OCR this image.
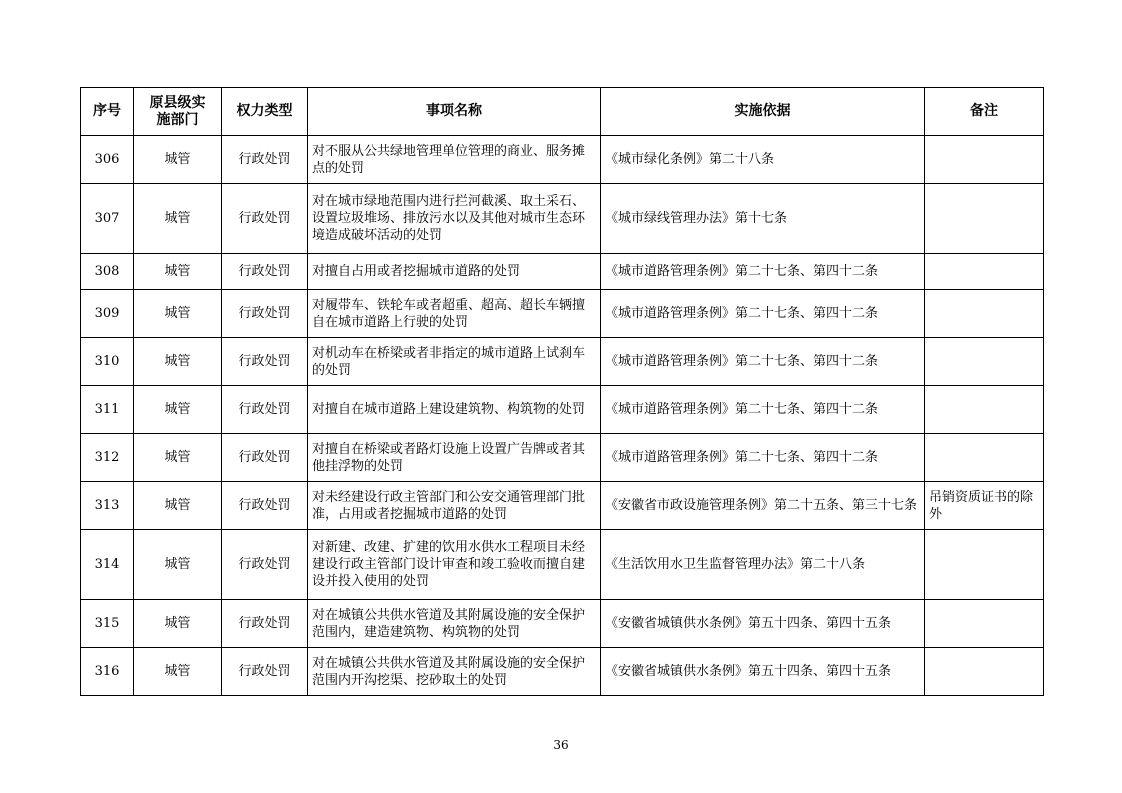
序号	原县级实施部门	权力类型	事项名称	实施依据	备注
306	城管	行政处罚	对不服从公共绿地管理单位管理的商业、服务摊点的处罚	《城市绿化条例》第二十八条	
307	城管	行政处罚	对在城市绿地范围内进行拦河截溪、取土采石、设置垃圾堆场、排放污水以及其他对城市生态环境造成破坏活动的处罚	《城市绿线管理办法》第十七条	
308	城管	行政处罚	对擅自占用或者挖掘城市道路的处罚	《城市道路管理条例》第二十七条、第四十二条	
309	城管	行政处罚	对履带车、铁轮车或者超重、超高、超长车辆擅自在城市道路上行驶的处罚	《城市道路管理条例》第二十七条、第四十二条	
310	城管	行政处罚	对机动车在桥梁或者非指定的城市道路上试刹车的处罚	《城市道路管理条例》第二十七条、第四十二条	
311	城管	行政处罚	对擅自在城市道路上建设建筑物、构筑物的处罚	《城市道路管理条例》第二十七条、第四十二条	
312	城管	行政处罚	对擅自在桥梁或者路灯设施上设置广告牌或者其他挂浮物的处罚	《城市道路管理条例》第二十七条、第四十二条	
313	城管	行政处罚	对未经建设行政主管部门和公安交通管理部门批准，占用或者挖掘城市道路的处罚	《安徽省市政设施管理条例》第二十五条、第三十七条	吊销资质证书的除外
314	城管	行政处罚	对新建、改建、扩建的饮用水供水工程项目未经建设行政主管部门设计审查和竣工验收而擅自建设并投入使用的处罚	《生活饮用水卫生监督管理办法》第二十八条	
315	城管	行政处罚	对在城镇公共供水管道及其附属设施的安全保护范围内，建造建筑物、构筑物的处罚	《安徽省城镇供水条例》第五十四条、第四十五条	
316	城管	行政处罚	对在城镇公共供水管道及其附属设施的安全保护范围内开沟挖渠、挖砂取土的处罚	《安徽省城镇供水条例》第五十四条、第四十五条	
36
